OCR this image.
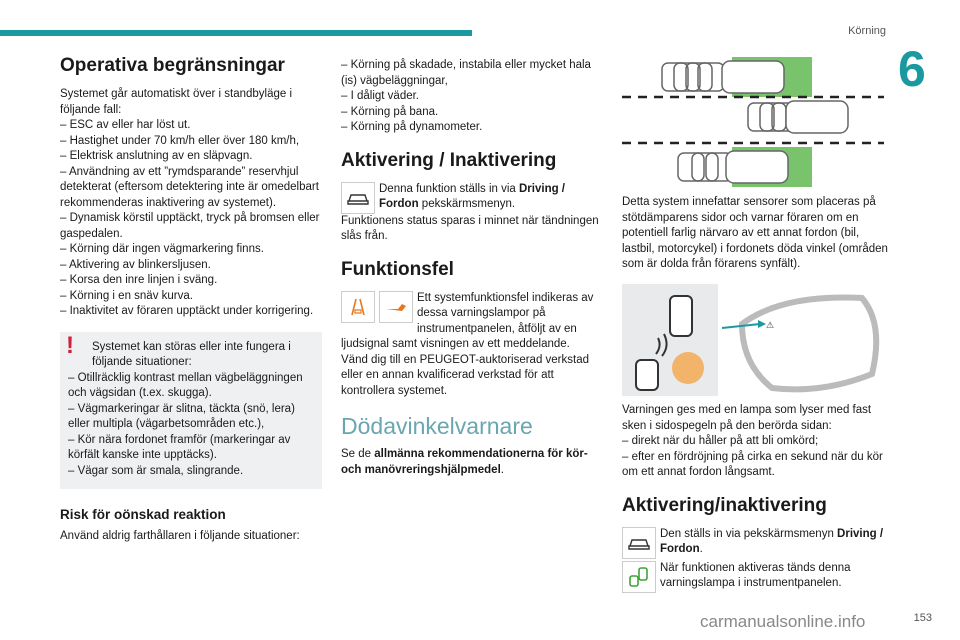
Körning
6
Operativa begränsningar

Systemet går automatiskt över i standbyläge i följande fall:

– ESC av eller har löst ut.

– Hastighet under 70 km/h eller över 180 km/h,

– Elektrisk anslutning av en släpvagn.

– Användning av ett ”rymdsparande” reservhjul detekterat (eftersom detektering inte är omedelbart rekommenderas inaktivering av systemet).

– Dynamisk körstil upptäckt, tryck på bromsen eller gaspedalen.

– Körning där ingen vägmarkering finns.

– Aktivering av blinkersljusen.

– Korsa den inre linjen i sväng.

– Körning i en snäv kurva.

– Inaktivitet av föraren upptäckt under korrigering.

!	Systemet kan störas eller inte fungera i följande situationer:

– Otillräcklig kontrast mellan vägbeläggningen och vägsidan (t.ex. skugga).

– Vägmarkeringar är slitna, täckta (snö, lera) eller multipla (vägarbetsområden etc.),

– Kör nära fordonet framför (markeringar av körfält kanske inte upptäcks).

– Vägar som är smala, slingrande.

Risk för oönskad reaktion

Använd aldrig farthållaren i följande situationer:

– Körning på skadade, instabila eller mycket hala (is) vägbeläggningar,

– I dåligt väder.

– Körning på bana.

– Körning på dynamometer.

Aktivering / Inaktivering

Denna funktion ställs in via Driving / Fordon pekskärmsmenyn.

Funktionens status sparas i minnet när tändningen slås från.

Funktionsfel

Ett systemfunktionsfel indikeras av dessa varningslampor på instrumentpanelen, åtföljt av en ljudsignal samt visningen av ett meddelande.

Vänd dig till en PEUGEOT-auktoriserad verkstad eller en annan kvalificerad verkstad för att kontrollera systemet.

Dödavinkelvarnare

Se de allmänna rekommendationerna för kör- och manövreringshjälpmedel.

Detta system innefattar sensorer som placeras på stötdämparens sidor och varnar föraren om en potentiell farlig närvaro av ett annat fordon (bil, lastbil, motorcykel) i fordonets döda vinkel (områden som är dolda från förarens synfält).

⚠

Varningen ges med en lampa som lyser med fast sken i sidospegeln på den berörda sidan:

– direkt när du håller på att bli omkörd;

– efter en fördröjning på cirka en sekund när du kör om ett annat fordon långsamt.

Aktivering/inaktivering

Den ställs in via pekskärmsmenyn Driving / Fordon.

När funktionen aktiveras tänds denna varningslampa i instrumentpanelen.

carmanualsonline.info	153
